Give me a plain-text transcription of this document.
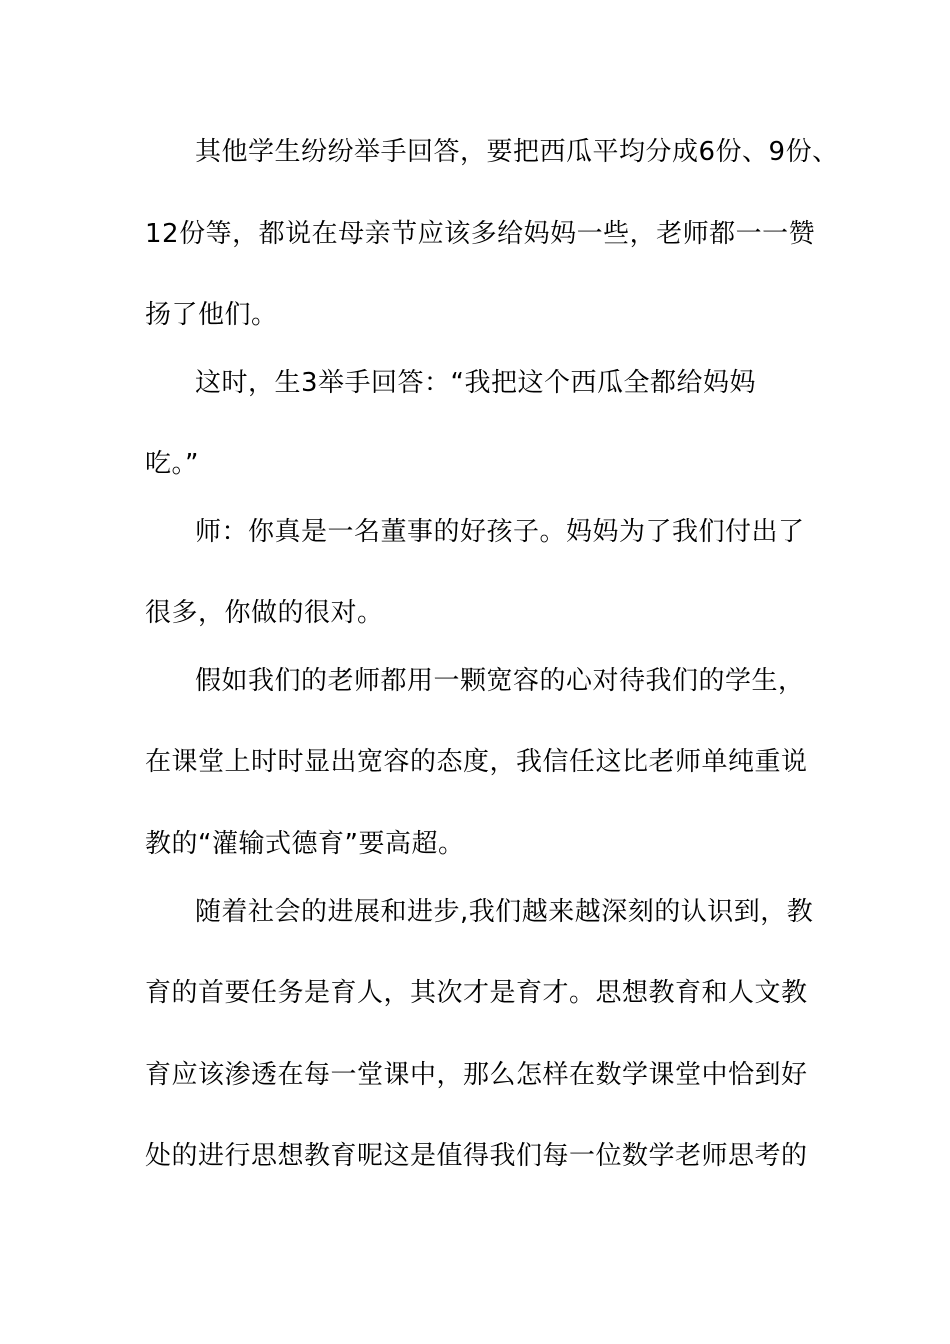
其他学生纷纷举手回答，要把西瓜平均分成6份、9份、
12份等，都说在母亲节应该多给妈妈一些，老师都一一赞
扬了他们。
这时，生3举手回答：“我把这个西瓜全都给妈妈
吃。”
师：你真是一名董事的好孩子。妈妈为了我们付出了
很多，你做的很对。
假如我们的老师都用一颗宽容的心对待我们的学生，
在课堂上时时显出宽容的态度，我信任这比老师单纯重说
教的“灌输式德育”要高超。
随着社会的进展和进步,我们越来越深刻的认识到，教
育的首要任务是育人，其次才是育才。思想教育和人文教
育应该渗透在每一堂课中，那么怎样在数学课堂中恰到好
处的进行思想教育呢这是值得我们每一位数学老师思考的
